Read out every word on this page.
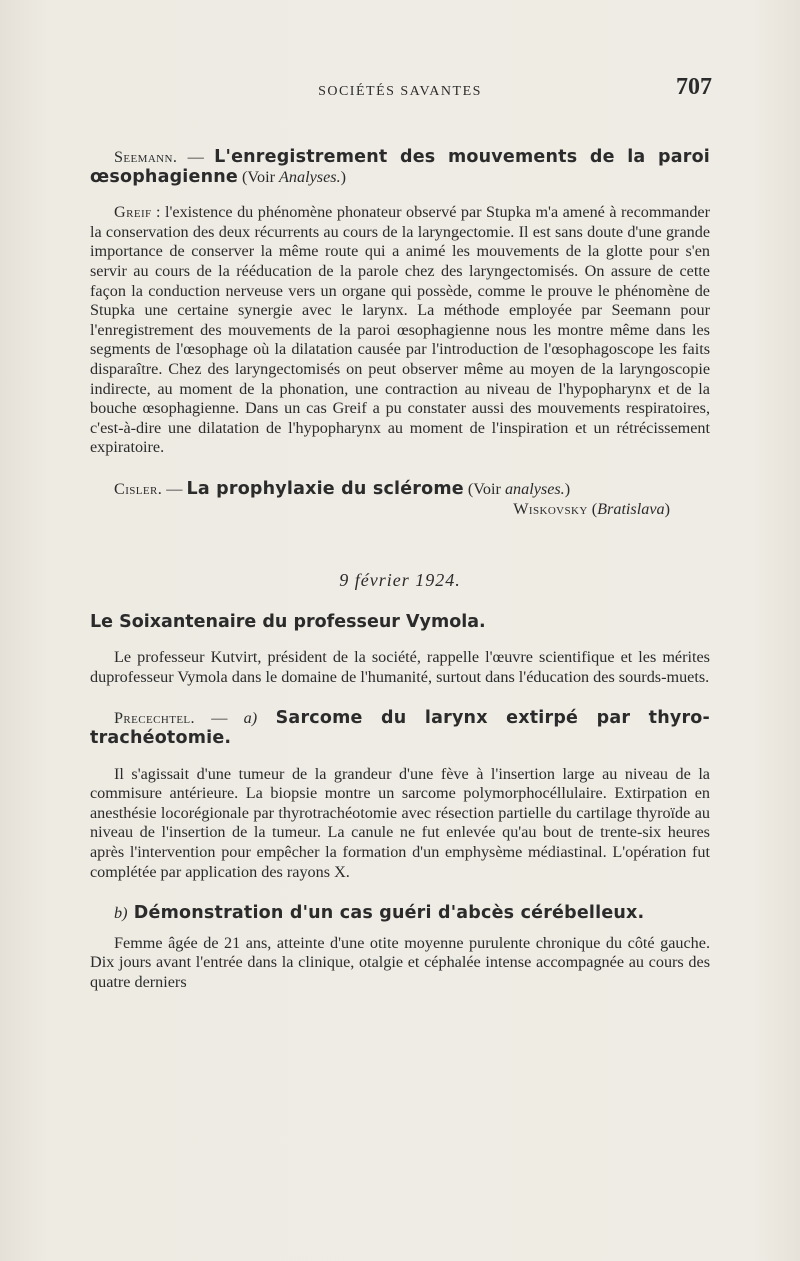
SOCIÉTÉS SAVANTES	707

Seemann. — L'enregistrement des mouvements de la paroi œsophagienne (Voir Analyses.)

Greif : l'existence du phénomène phonateur observé par Stupka m'a amené à recommander la conservation des deux récurrents au cours de la laryngectomie. Il est sans doute d'une grande importance de conserver la même route qui a animé les mouvements de la glotte pour s'en servir au cours de la rééducation de la parole chez des laryngectomisés. On assure de cette façon la conduction nerveuse vers un organe qui possède, comme le prouve le phénomène de Stupka une certaine synergie avec le larynx. La méthode employée par Seemann pour l'enregistrement des mouvements de la paroi œsophagienne nous les montre même dans les segments de l'œsophage où la dilatation causée par l'introduction de l'œsophagoscope les faits disparaître. Chez des laryngectomisés on peut observer même au moyen de la laryngoscopie indirecte, au moment de la phonation, une contraction au niveau de l'hypopharynx et de la bouche œsophagienne. Dans un cas Greif a pu constater aussi des mouvements respiratoires, c'est-à-dire une dilatation de l'hypopharynx au moment de l'inspiration et un rétrécissement expiratoire.

Cisler. — La prophylaxie du sclérome (Voir analyses.)

Wiskovsky (Bratislava)

9 février 1924.

Le Soixantenaire du professeur Vymola.

Le professeur Kutvirt, président de la société, rappelle l'œuvre scientifique et les mérites duprofesseur Vymola dans le domaine de l'humanité, surtout dans l'éducation des sourds-muets.

Precechtel. — a) Sarcome du larynx extirpé par thyro-trachéotomie.

Il s'agissait d'une tumeur de la grandeur d'une fève à l'insertion large au niveau de la commisure antérieure. La biopsie montre un sarcome polymorphocéllulaire. Extirpation en anesthésie locorégionale par thyrotrachéotomie avec résection partielle du cartilage thyroïde au niveau de l'insertion de la tumeur. La canule ne fut enlevée qu'au bout de trente-six heures après l'intervention pour empêcher la formation d'un emphysème médiastinal. L'opération fut complétée par application des rayons X.

b) Démonstration d'un cas guéri d'abcès cérébelleux.

Femme âgée de 21 ans, atteinte d'une otite moyenne purulente chronique du côté gauche. Dix jours avant l'entrée dans la clinique, otalgie et céphalée intense accompagnée au cours des quatre derniers
